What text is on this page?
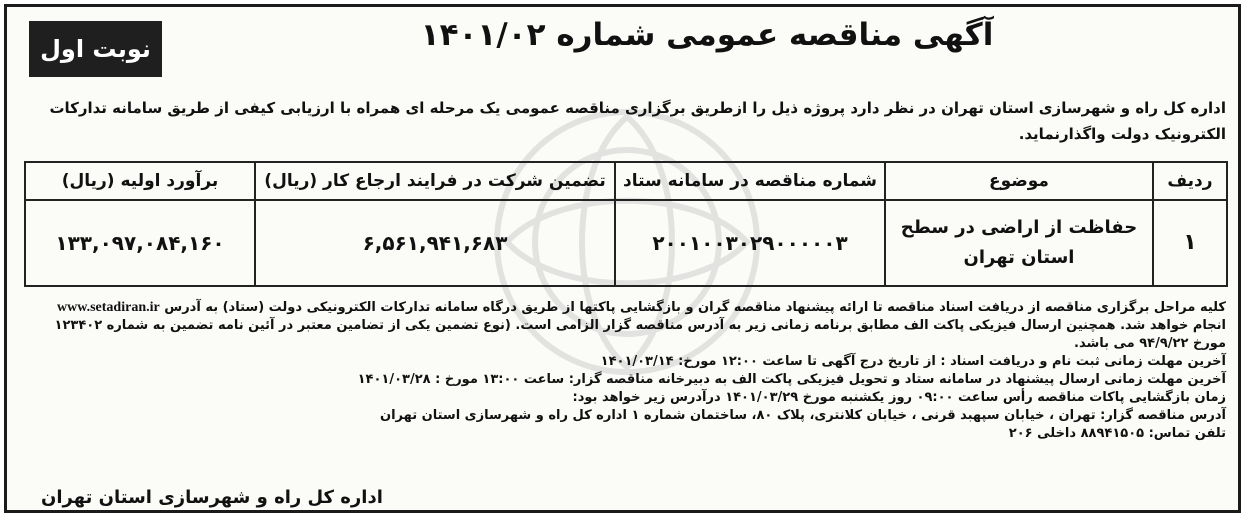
نوبت اول	آگهی مناقصه عمومی شماره ۱۴۰۱/۰۲
اداره کل راه و شهرسازی استان تهران در نظر دارد پروژه ذیل را ازطریق برگزاری مناقصه عمومی یک مرحله ای همراه با ارزیابی کیفی از طریق سامانه تدارکات الکترونیک دولت واگذارنماید.
ردیف	موضوع	شماره مناقصه در سامانه ستاد	تضمین شرکت در فرایند ارجاع کار (ریال)	برآورد اولیه (ریال)
۱	حفاظت از اراضی در سطح استان تهران	۲۰۰۱۰۰۳۰۲۹۰۰۰۰۰۳	۶,۵۶۱,۹۴۱,۶۸۳	۱۳۳,۰۹۷,۰۸۴,۱۶۰

کلیه مراحل برگزاری مناقصه از دریافت اسناد مناقصه تا ارائه پیشنهاد مناقصه گران و بازگشایی پاکتها از طریق درگاه سامانه تدارکات الکترونیکی دولت (ستاد) به آدرس www.setadiran.ir انجام خواهد شد. همچنین ارسال فیزیکی پاکت الف مطابق برنامه زمانی زیر به آدرس مناقصه گزار الزامی است. (نوع تضمین یکی از تضامین معتبر در آئین نامه تضمین به شماره ۱۲۳۴۰۲ مورخ ۹۴/۹/۲۲ می باشد.

آخرین مهلت زمانی ثبت نام و دریافت اسناد : از تاریخ درج آگهی تا ساعت ۱۲:۰۰ مورخ: ۱۴۰۱/۰۳/۱۴

آخرین مهلت زمانی ارسال پیشنهاد در سامانه ستاد و تحویل فیزیکی پاکت الف به دبیرخانه مناقصه گزار: ساعت ۱۳:۰۰ مورخ : ۱۴۰۱/۰۳/۲۸

زمان بازگشایی پاکات مناقصه رأس ساعت ۰۹:۰۰ روز یکشنبه مورخ ۱۴۰۱/۰۳/۲۹ درآدرس زیر خواهد بود:

آدرس مناقصه گزار: تهران ، خیابان سپهبد قرنی ، خیابان کلانتری، پلاک ۸۰، ساختمان شماره ۱ اداره کل راه و شهرسازی استان تهران

تلفن تماس: ۸۸۹۴۱۵۰۵ داخلی ۲۰۶

اداره کل راه و شهرسازی استان تهران
